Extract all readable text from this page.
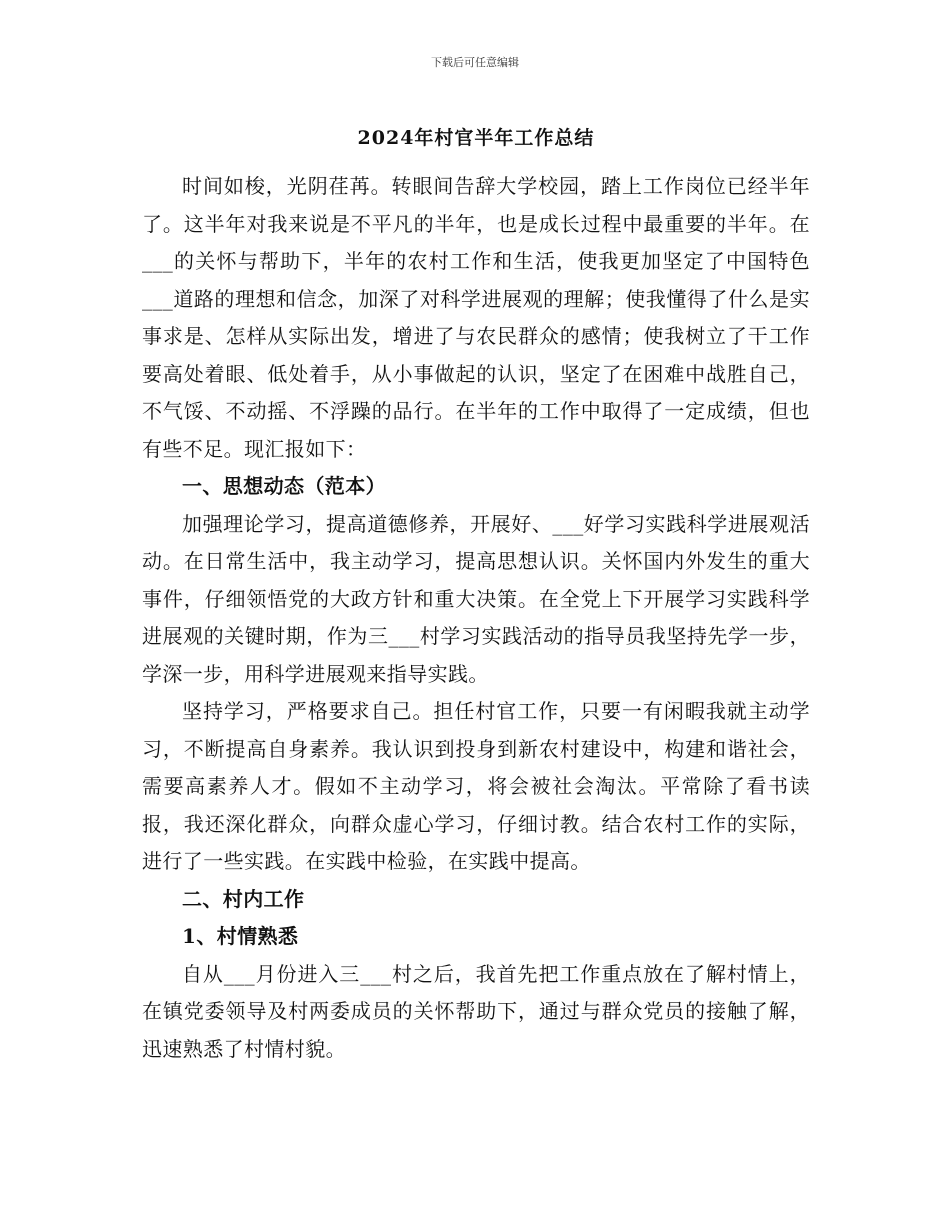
下载后可任意编辑
2024年村官半年工作总结

时间如梭，光阴荏苒。转眼间告辞大学校园，踏上工作岗位已经半年了。这半年对我来说是不平凡的半年，也是成长过程中最重要的半年。在___的关怀与帮助下，半年的农村工作和生活，使我更加坚定了中国特色___道路的理想和信念，加深了对科学进展观的理解；使我懂得了什么是实事求是、怎样从实际出发，增进了与农民群众的感情；使我树立了干工作要高处着眼、低处着手，从小事做起的认识，坚定了在困难中战胜自己，不气馁、不动摇、不浮躁的品行。在半年的工作中取得了一定成绩，但也有些不足。现汇报如下：

一、思想动态（范本）

加强理论学习，提高道德修养，开展好、___好学习实践科学进展观活动。在日常生活中，我主动学习，提高思想认识。关怀国内外发生的重大事件，仔细领悟党的大政方针和重大决策。在全党上下开展学习实践科学进展观的关键时期，作为三___村学习实践活动的指导员我坚持先学一步，学深一步，用科学进展观来指导实践。

坚持学习，严格要求自己。担任村官工作，只要一有闲暇我就主动学习，不断提高自身素养。我认识到投身到新农村建设中，构建和谐社会，需要高素养人才。假如不主动学习，将会被社会淘汰。平常除了看书读报，我还深化群众，向群众虚心学习，仔细讨教。结合农村工作的实际，进行了一些实践。在实践中检验，在实践中提高。

二、村内工作

1、村情熟悉

自从___月份进入三___村之后，我首先把工作重点放在了解村情上，在镇党委领导及村两委成员的关怀帮助下，通过与群众党员的接触了解，迅速熟悉了村情村貌。
